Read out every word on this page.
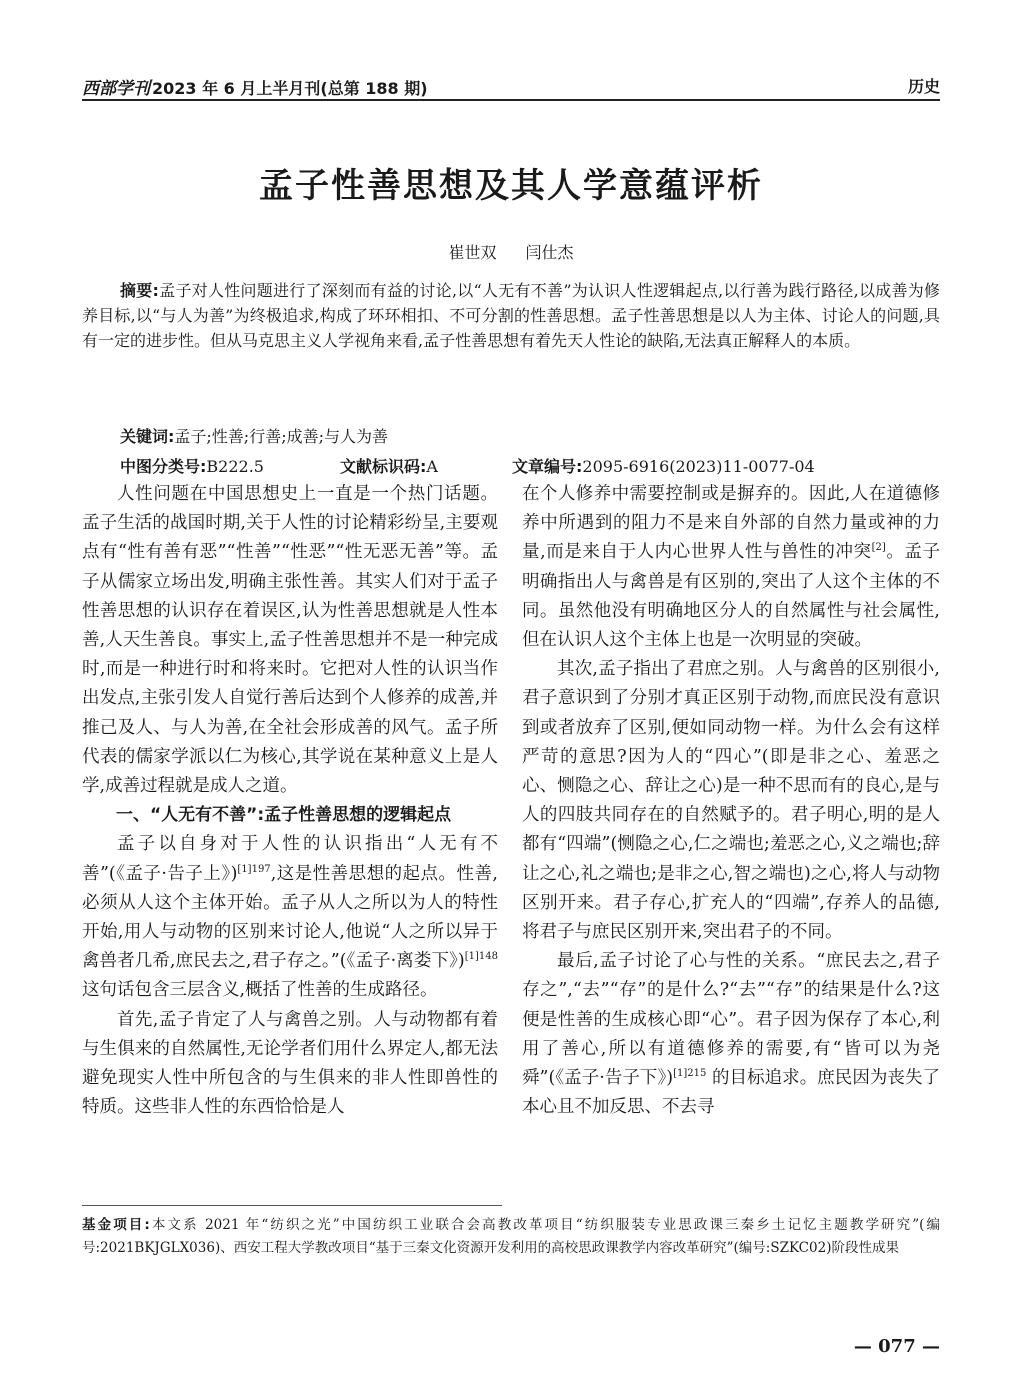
西部学刊 2023 年 6 月上半月刊(总第 188 期)	历史
孟子性善思想及其人学意蕴评析
崔世双 闫仕杰
摘要:孟子对人性问题进行了深刻而有益的讨论,以“人无有不善”为认识人性逻辑起点,以行善为践行路径,以成善为修养目标,以“与人为善”为终极追求,构成了环环相扣、不可分割的性善思想。孟子性善思想是以人为主体、讨论人的问题,具有一定的进步性。但从马克思主义人学视角来看,孟子性善思想有着先天人性论的缺陷,无法真正解释人的本质。
关键词:孟子;性善;行善;成善;与人为善
中图分类号:B222.5	文献标识码:A	文章编号:2095-6916(2023)11-0077-04

人性问题在中国思想史上一直是一个热门话题。孟子生活的战国时期,关于人性的讨论精彩纷呈,主要观点有“性有善有恶”“性善”“性恶”“性无恶无善”等。孟子从儒家立场出发,明确主张性善。其实人们对于孟子性善思想的认识存在着误区,认为性善思想就是人性本善,人天生善良。事实上,孟子性善思想并不是一种完成时,而是一种进行时和将来时。它把对人性的认识当作出发点,主张引发人自觉行善后达到个人修养的成善,并推己及人、与人为善,在全社会形成善的风气。孟子所代表的儒家学派以仁为核心,其学说在某种意义上是人学,成善过程就是成人之道。

一、“人无有不善”:孟子性善思想的逻辑起点

孟子以自身对于人性的认识指出“人无有不善”(《孟子·告子上》)$^{[1]197}$,这是性善思想的起点。性善,必须从人这个主体开始。孟子从人之所以为人的特性开始,用人与动物的区别来讨论人,他说“人之所以异于禽兽者几希,庶民去之,君子存之。”(《孟子·离娄下》)$^{[1]148}$ 这句话包含三层含义,概括了性善的生成路径。

首先,孟子肯定了人与禽兽之别。人与动物都有着与生俱来的自然属性,无论学者们用什么界定人,都无法避免现实人性中所包含的与生俱来的非人性即兽性的特质。这些非人性的东西恰恰是人

在个人修养中需要控制或是摒弃的。因此,人在道德修养中所遇到的阻力不是来自外部的自然力量或神的力量,而是来自于人内心世界人性与兽性的冲突[2]。孟子明确指出人与禽兽是有区别的,突出了人这个主体的不同。虽然他没有明确地区分人的自然属性与社会属性,但在认识人这个主体上也是一次明显的突破。

其次,孟子指出了君庶之别。人与禽兽的区别很小,君子意识到了分别才真正区别于动物,而庶民没有意识到或者放弃了区别,便如同动物一样。为什么会有这样严苛的意思?因为人的“四心”(即是非之心、羞恶之心、恻隐之心、辞让之心)是一种不思而有的良心,是与人的四肢共同存在的自然赋予的。君子明心,明的是人都有“四端”(恻隐之心,仁之端也;羞恶之心,义之端也;辞让之心,礼之端也;是非之心,智之端也)之心,将人与动物区别开来。君子存心,扩充人的“四端”,存养人的品德,将君子与庶民区别开来,突出君子的不同。

最后,孟子讨论了心与性的关系。“庶民去之,君子存之”,“去”“存”的是什么?“去”“存”的结果是什么?这便是性善的生成核心即“心”。君子因为保存了本心,利用了善心,所以有道德修养的需要,有“皆可以为尧舜”(《孟子·告子下》)$^{[1]215}$ 的目标追求。庶民因为丧失了本心且不加反思、不去寻

基金项目:本文系 2021 年“纺织之光”中国纺织工业联合会高教改革项目“纺织服装专业思政课三秦乡土记忆主题教学研究”(编号:2021BKJGLX036)、西安工程大学教改项目“基于三秦文化资源开发利用的高校思政课教学内容改革研究”(编号:SZKC02)阶段性成果
— 077 —
